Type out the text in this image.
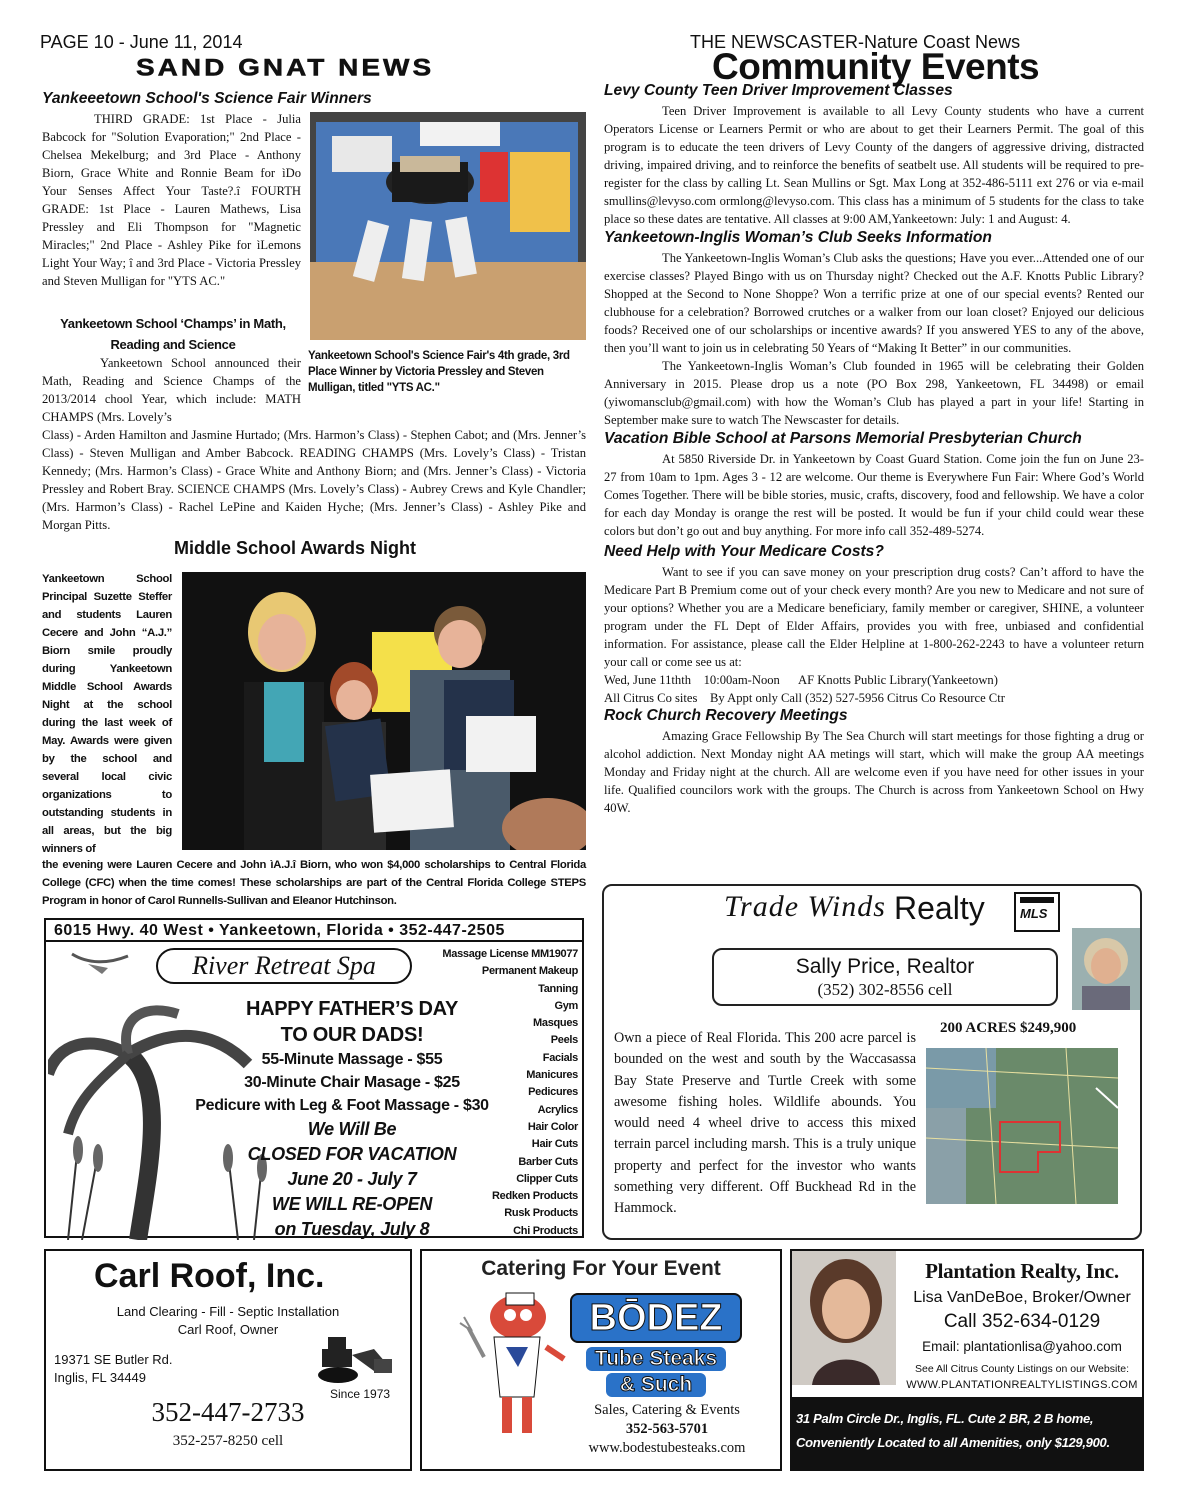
PAGE 10 - June 11, 2014	THE NEWSCASTER-Nature Coast News
SAND GNAT NEWS	Community Events
Yankeeetown School's Science Fair Winners
THIRD GRADE: 1st Place - Julia Babcock for "Solution Evaporation;" 2nd Place - Chelsea Mekelburg; and 3rd Place - Anthony Biorn, Grace White and Ronnie Beam for ìDo Your Senses Affect Your Taste?.î FOURTH GRADE: 1st Place - Lauren Mathews, Lisa Pressley and Eli Thompson for "Magnetic Miracles;" 2nd Place - Ashley Pike for ìLemons Light Your Way; î and 3rd Place - Victoria Pressley and Steven Mulligan for "YTS AC."
Yankeetown School's Science Fair's 4th grade, 3rd Place Winner by Victoria Pressley and Steven Mulligan, titled "YTS AC."
Yankeetown School ‘Champs’ in Math, Reading and Science
Yankeetown School announced their Math, Reading and Science Champs of the 2013/2014 chool Year, which include: MATH CHAMPS (Mrs. Lovely’s
Class) - Arden Hamilton and Jasmine Hurtado; (Mrs. Harmon’s Class) - Stephen Cabot; and (Mrs. Jenner’s Class) - Steven Mulligan and Amber Babcock. READING CHAMPS (Mrs. Lovely’s Class) - Tristan Kennedy; (Mrs. Harmon’s Class) - Grace White and Anthony Biorn; and (Mrs. Jenner’s Class) - Victoria Pressley and Robert Bray. SCIENCE CHAMPS (Mrs. Lovely’s Class) - Aubrey Crews and Kyle Chandler; (Mrs. Harmon’s Class) - Rachel LePine and Kaiden Hyche; (Mrs. Jenner’s Class) - Ashley Pike and Morgan Pitts.
Middle School Awards Night
Yankeetown School Principal Suzette Steffer and students Lauren Cecere and John “A.J.” Biorn smile proudly during Yankeetown Middle School Awards Night at the school during the last week of May. Awards were given by the school and several local civic organizations to outstanding students in all areas, but the big winners of
the evening were Lauren Cecere and John ìA.J.î Biorn, who won $4,000 scholarships to Central Florida College (CFC) when the time comes! These scholarships are part of the Central Florida College STEPS Program in honor of Carol Runnells-Sullivan and Eleanor Hutchinson.
6015 Hwy. 40 West • Yankeetown, Florida • 352-447-2505
River Retreat Spa
HAPPY FATHER’S DAY
TO OUR DADS!
55-Minute Massage - $55
30-Minute Chair Masage - $25
Pedicure with Leg & Foot Massage - $30
We Will Be
CLOSED FOR VACATION
June 20 - July 7
WE WILL RE-OPEN
on Tuesday, July 8
Massage License MM19077
Permanent Makeup
Tanning
Gym
Masques
Peels
Facials
Manicures
Pedicures
Acrylics
Hair Color
Hair Cuts
Barber Cuts
Clipper Cuts
Redken Products
Rusk Products
Chi Products
Levy County Teen Driver Improvement Classes
Teen Driver Improvement is available to all Levy County students who have a current Operators License or Learners Permit or who are about to get their Learners Permit. The goal of this program is to educate the teen drivers of Levy County of the dangers of aggressive driving, distracted driving, impaired driving, and to reinforce the benefits of seatbelt use. All students will be required to pre-register for the class by calling Lt. Sean Mullins or Sgt. Max Long at 352-486-5111 ext 276 or via e-mail smullins@levyso.com ormlong@levyso.com. This class has a minimum of 5 students for the class to take place so these dates are tentative. All classes at 9:00 AM,Yankeetown: July: 1 and August: 4.
Yankeetown-Inglis Woman’s Club Seeks Information
The Yankeetown-Inglis Woman’s Club asks the questions; Have you ever...Attended one of our exercise classes? Played Bingo with us on Thursday night? Checked out the A.F. Knotts Public Library? Shopped at the Second to None Shoppe? Won a terrific prize at one of our special events? Rented our clubhouse for a celebration? Borrowed crutches or a walker from our loan closet? Enjoyed our delicious foods? Received one of our scholarships or incentive awards? If you answered YES to any of the above, then you’ll want to join us in celebrating 50 Years of “Making It Better” in our communities.
The Yankeetown-Inglis Woman’s Club founded in 1965 will be celebrating their Golden Anniversary in 2015. Please drop us a note (PO Box 298, Yankeetown, FL 34498) or email (yiwomansclub@gmail.com) with how the Woman’s Club has played a part in your life! Starting in September make sure to watch The Newscaster for details.
Vacation Bible School at Parsons Memorial Presbyterian Church
At 5850 Riverside Dr. in Yankeetown by Coast Guard Station. Come join the fun on June 23-27 from 10am to 1pm. Ages 3 - 12 are welcome. Our theme is Everywhere Fun Fair: Where God’s World Comes Together. There will be bible stories, music, crafts, discovery, food and fellowship. We have a color for each day Monday is orange the rest will be posted. It would be fun if your child could wear these colors but don’t go out and buy anything. For more info call 352-489-5274.
Need Help with Your Medicare Costs?
Want to see if you can save money on your prescription drug costs? Can’t afford to have the Medicare Part B Premium come out of your check every month? Are you new to Medicare and not sure of your options? Whether you are a Medicare beneficiary, family member or caregiver, SHINE, a volunteer program under the FL Dept of Elder Affairs, provides you with free, unbiased and confidential information. For assistance, please call the Elder Helpline at 1-800-262-2243 to have a volunteer return your call or come see us at:
Wed, June 11thth    10:00am-Noon      AF Knotts Public Library(Yankeetown)
All Citrus Co sites    By Appt only Call (352) 527-5956 Citrus Co Resource Ctr
Rock Church Recovery Meetings
Amazing Grace Fellowship By The Sea Church will start meetings for those fighting a drug or alcohol addiction. Next Monday night AA metings will start, which will make the group AA meetings Monday and Friday night at the church. All are welcome even if you have need for other issues in your life. Qualified councilors work with the groups. The Church is across from Yankeetown School on Hwy 40W.
Trade Winds Realty	MLS
Sally Price, Realtor
(352) 302-8556 cell
Own a piece of Real Florida. This 200 acre parcel is bounded on the west and south by the Waccasassa Bay State Preserve and Turtle Creek with some awesome fishing holes. Wildlife abounds. You would need 4 wheel drive to access this mixed terrain parcel including marsh. This is a truly unique property and perfect for the investor who wants something very different. Off Buckhead Rd in the Hammock.
200 ACRES $249,900
Carl Roof, Inc.
Land Clearing - Fill - Septic Installation
Carl Roof, Owner
19371 SE Butler Rd.
Inglis, FL 34449
Since 1973
352-447-2733
352-257-8250 cell
Catering For Your Event
BŌDEZ
Tube Steaks
& Such
Sales, Catering & Events
352-563-5701
www.bodestubesteaks.com
Plantation Realty, Inc.
Lisa VanDeBoe, Broker/Owner
Call 352-634-0129
Email: plantationlisa@yahoo.com
See All Citrus County Listings on our Website:
WWW.PLANTATIONREALTYLISTINGS.COM
31 Palm Circle Dr., Inglis, FL. Cute 2 BR, 2 B home,
Conveniently Located to all Amenities, only $129,900.
